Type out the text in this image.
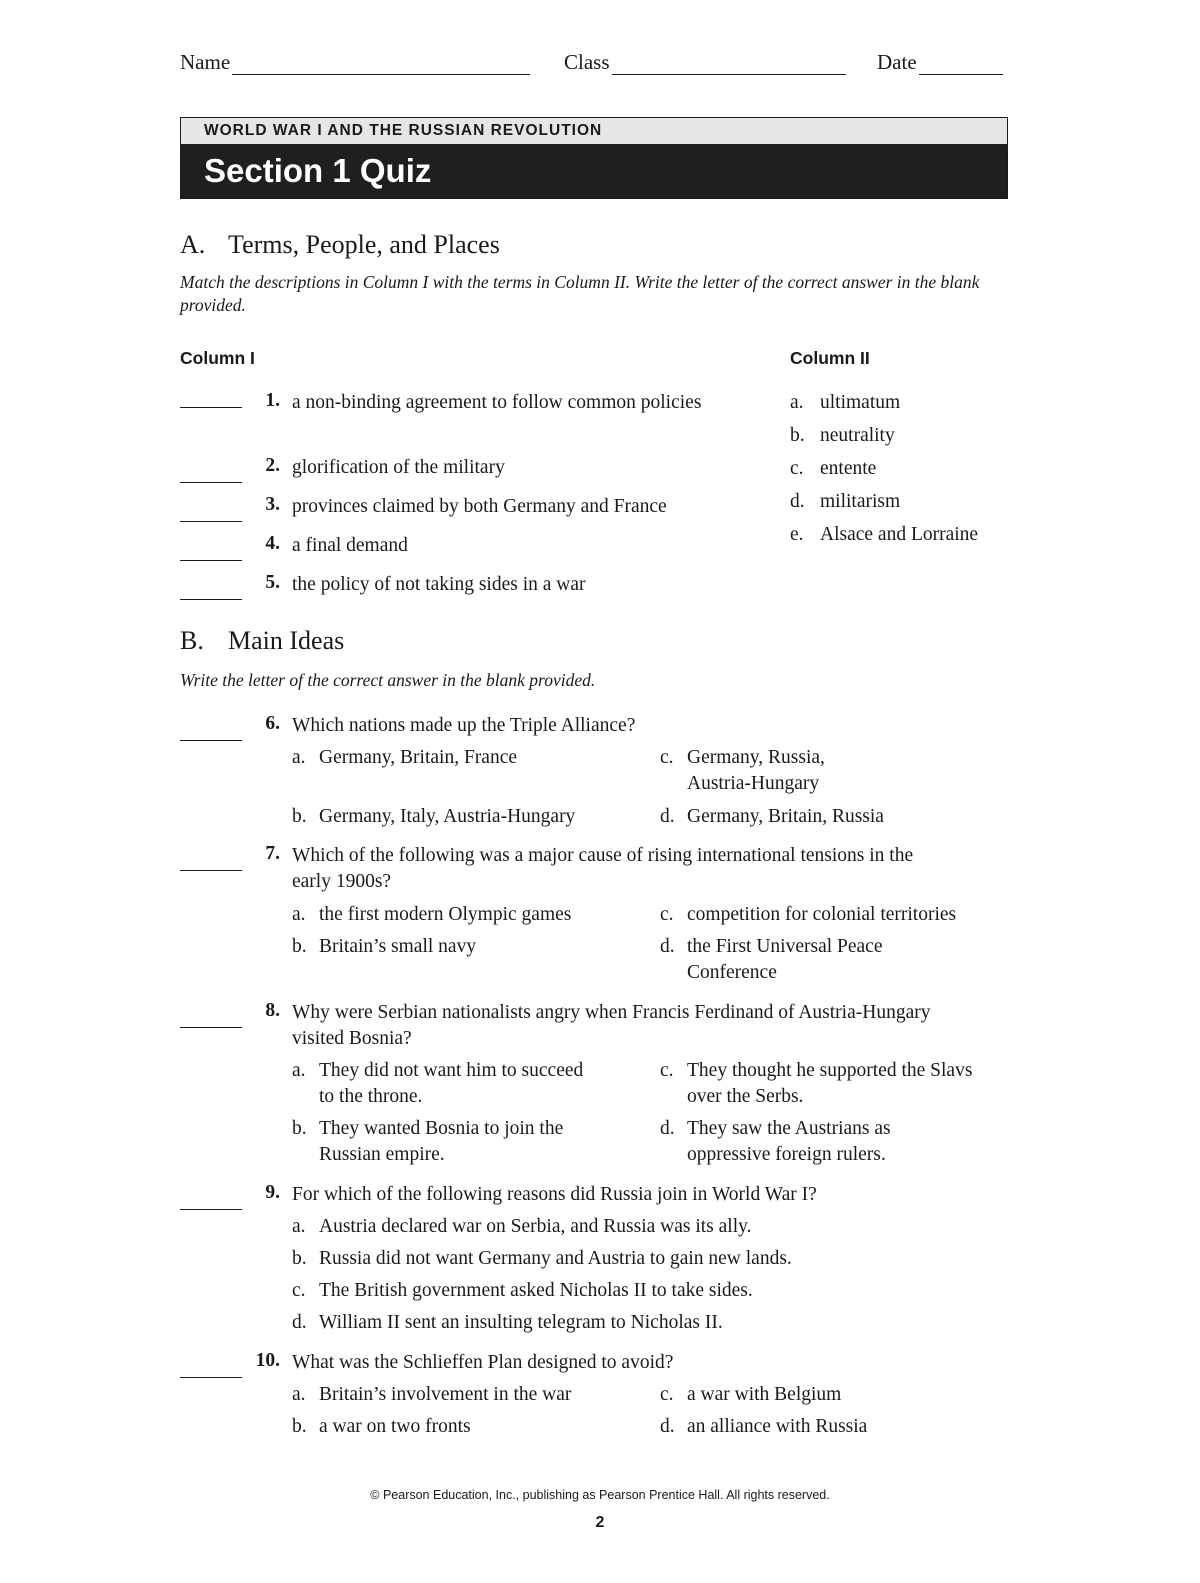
Name	Class	Date
WORLD WAR I AND THE RUSSIAN REVOLUTION
Section 1 Quiz
A. Terms, People, and Places
Match the descriptions in Column I with the terms in Column II. Write the letter of the correct answer in the blank provided.
Column I	Column II
1. a non-binding agreement to follow common policies
2. glorification of the military
3. provinces claimed by both Germany and France
4. a final demand
5. the policy of not taking sides in a war
a. ultimatum
b. neutrality
c. entente
d. militarism
e. Alsace and Lorraine
B. Main Ideas
Write the letter of the correct answer in the blank provided.
6. Which nations made up the Triple Alliance?
a. Germany, Britain, France	c. Germany, Russia, Austria-Hungary
b. Germany, Italy, Austria-Hungary	d. Germany, Britain, Russia
7. Which of the following was a major cause of rising international tensions in the early 1900s?
a. the first modern Olympic games	c. competition for colonial territories
b. Britain’s small navy	d. the First Universal Peace Conference
8. Why were Serbian nationalists angry when Francis Ferdinand of Austria-Hungary visited Bosnia?
a. They did not want him to succeed to the throne.
c. They thought he supported the Slavs over the Serbs.
b. They wanted Bosnia to join the Russian empire.
d. They saw the Austrians as oppressive foreign rulers.
9. For which of the following reasons did Russia join in World War I?
a. Austria declared war on Serbia, and Russia was its ally.
b. Russia did not want Germany and Austria to gain new lands.
c. The British government asked Nicholas II to take sides.
d. William II sent an insulting telegram to Nicholas II.
10. What was the Schlieffen Plan designed to avoid?
a. Britain’s involvement in the war	c. a war with Belgium
b. a war on two fronts	d. an alliance with Russia
© Pearson Education, Inc., publishing as Pearson Prentice Hall. All rights reserved.
2
